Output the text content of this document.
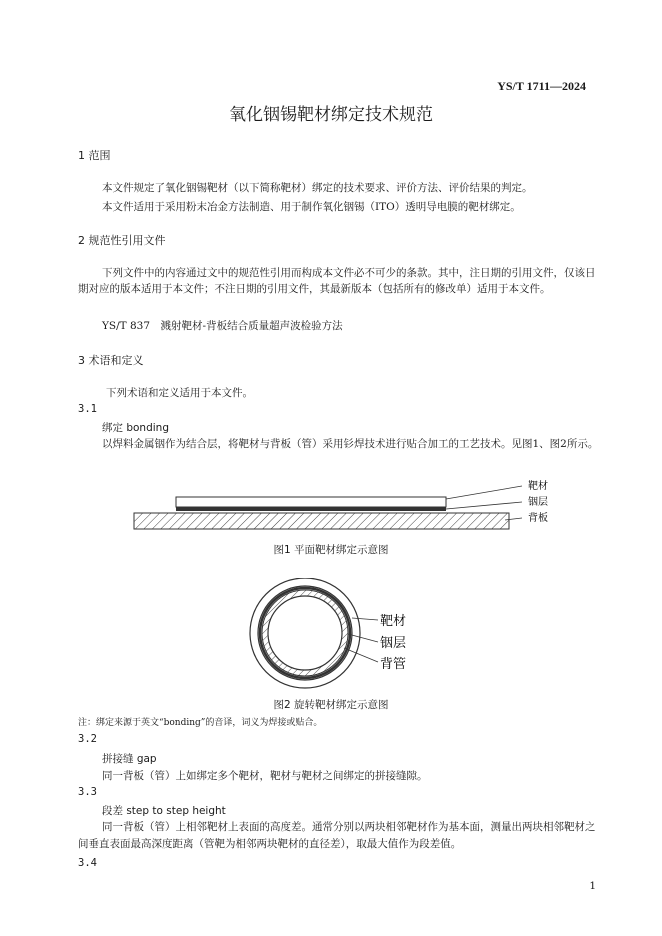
YS/T 1711—2024
氧化铟锡靶材绑定技术规范
1 范围
本文件规定了氧化铟锡靶材（以下简称靶材）绑定的技术要求、评价方法、评价结果的判定。
本文件适用于采用粉末冶金方法制造、用于制作氧化铟锡（ITO）透明导电膜的靶材绑定。
2 规范性引用文件
下列文件中的内容通过文中的规范性引用而构成本文件必不可少的条款。其中，注日期的引用文件，仅该日期对应的版本适用于本文件；不注日期的引用文件，其最新版本（包括所有的修改单）适用于本文件。
YS/T 837　溅射靶材-背板结合质量超声波检验方法
3 术语和定义
下列术语和定义适用于本文件。
3.1
绑定 bonding
以焊料金属铟作为结合层，将靶材与背板（管）采用钐焊技术进行贴合加工的工艺技术。见图1、图2所示。
靶材
铟层
背板
图1 平面靶材绑定示意图
靶材
铟层
背管
图2 旋转靶材绑定示意图
注：绑定来源于英文“bonding”的音译，词义为焊接或贴合。
3.2
拼接缝 gap
同一背板（管）上如绑定多个靶材，靶材与靶材之间绑定的拼接缝隙。
3.3
段差 step to step height
同一背板（管）上相邻靶材上表面的高度差。通常分别以两块相邻靶材作为基本面，测量出两块相邻靶材之间垂直表面最高深度距离（管靶为相邻两块靶材的直径差），取最大值作为段差值。
3.4
1
